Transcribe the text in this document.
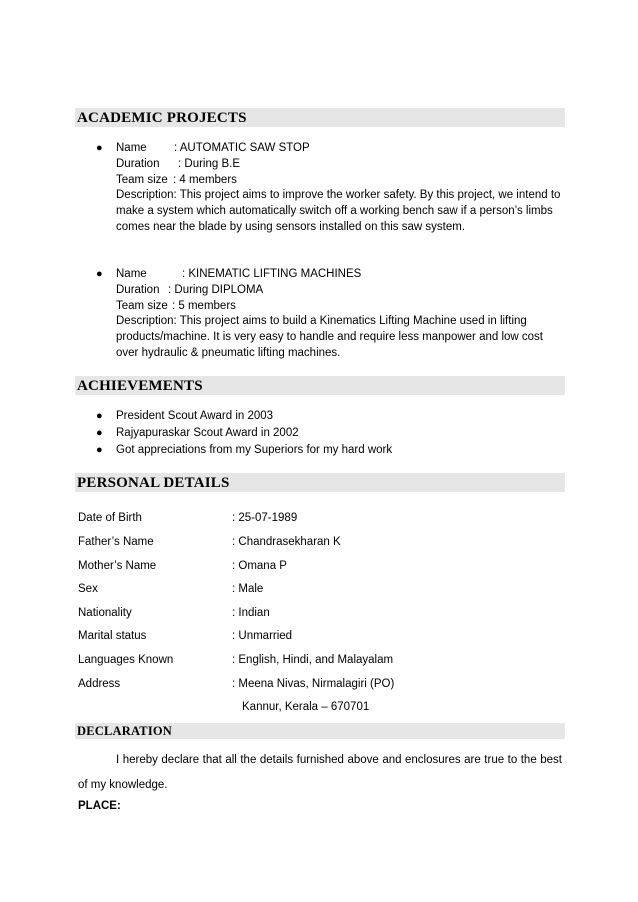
ACADEMIC PROJECTS
● Name : AUTOMATIC SAW STOP
Duration : During B.E
Team size : 4 members
Description: This project aims to improve the worker safety. By this project, we intend to make a system which automatically switch off a working bench saw if a person’s limbs comes near the blade by using sensors installed on this saw system.
● Name	: KINEMATIC LIFTING MACHINES
Duration : During DIPLOMA
Team size : 5 members
Description: This project aims to build a Kinematics Lifting Machine used in lifting products/machine. It is very easy to handle and require less manpower and low cost over hydraulic & pneumatic lifting machines.
ACHIEVEMENTS
● President Scout Award in 2003
● Rajyapuraskar Scout Award in 2002
● Got appreciations from my Superiors for my hard work
PERSONAL DETAILS
Date of Birth	: 25-07-1989
Father’s Name	: Chandrasekharan K
Mother’s Name	: Omana P
Sex	: Male
Nationality	: Indian
Marital status	: Unmarried
Languages Known	: English, Hindi, and Malayalam
Address	: Meena Nivas, Nirmalagiri (PO)
Kannur, Kerala – 670701
DECLARATION
I hereby declare that all the details furnished above and enclosures are true to the best of my knowledge.
PLACE:
